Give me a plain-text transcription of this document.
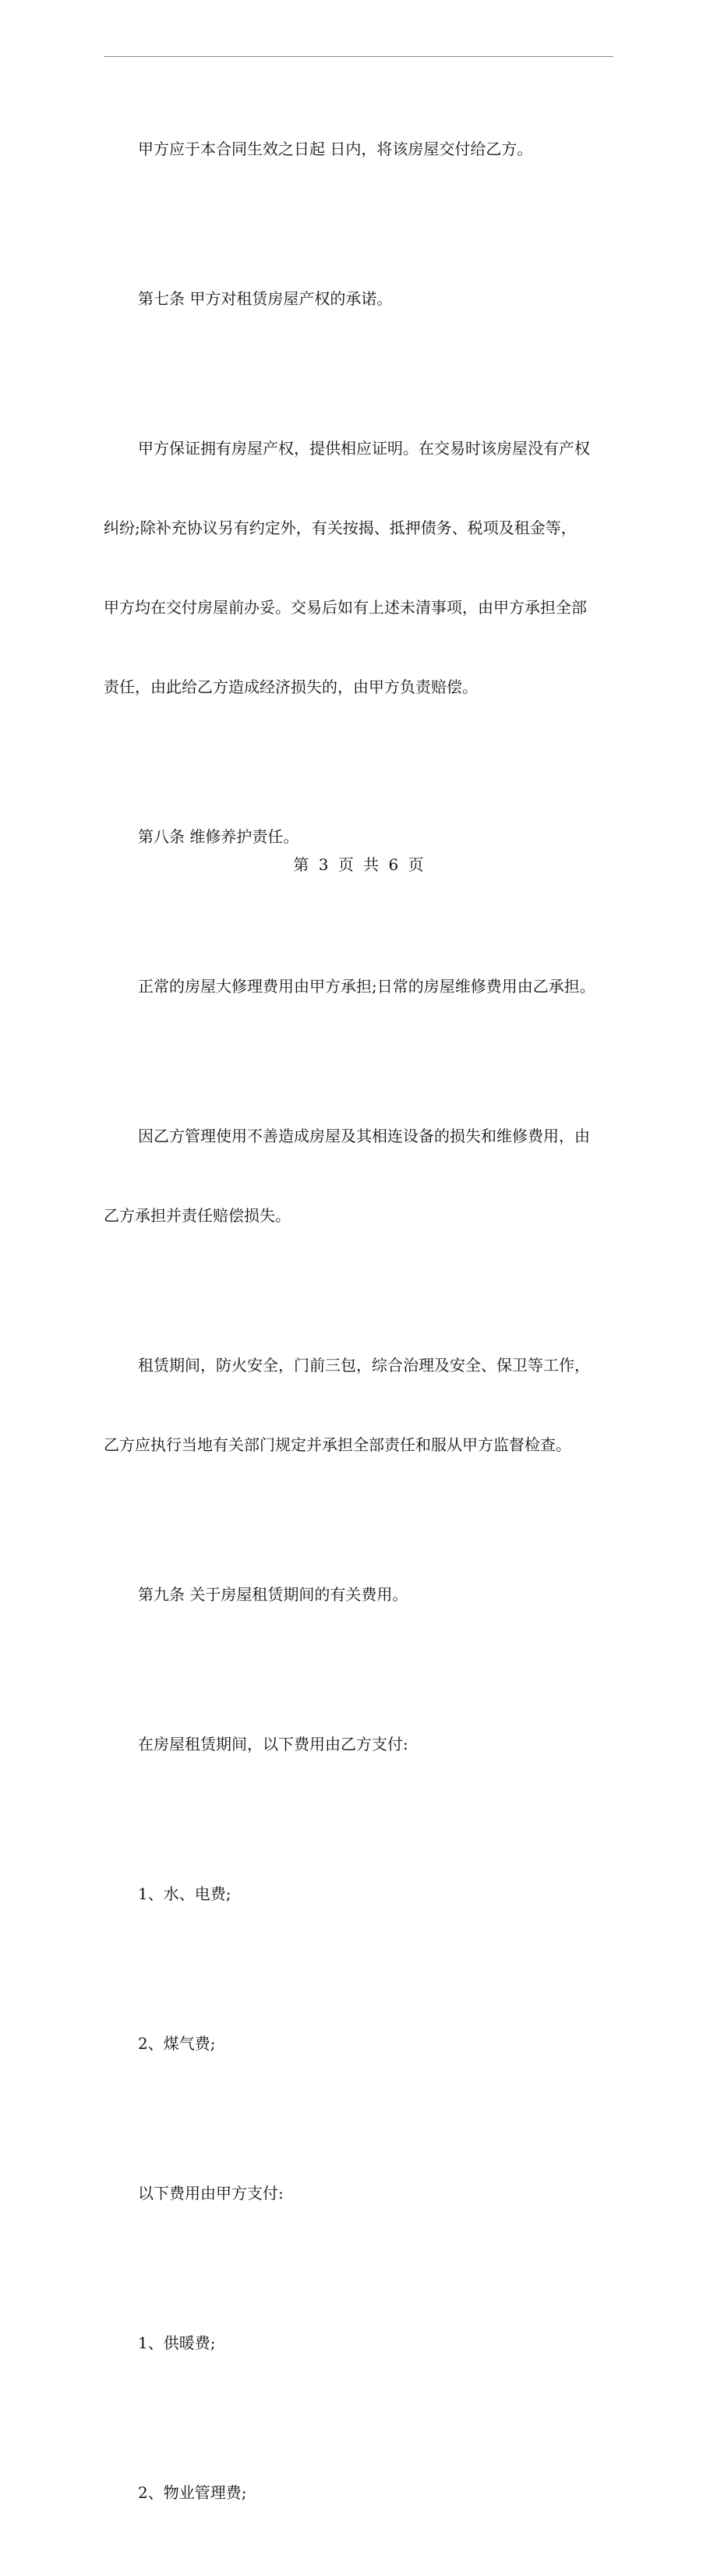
甲方应于本合同生效之日起 日内，将该房屋交付给乙方。

第七条 甲方对租赁房屋产权的承诺。

甲方保证拥有房屋产权，提供相应证明。在交易时该房屋没有产权

纠纷;除补充协议另有约定外，有关按揭、抵押债务、税项及租金等，

甲方均在交付房屋前办妥。交易后如有上述未清事项，由甲方承担全部

责任，由此给乙方造成经济损失的，由甲方负责赔偿。

第八条 维修养护责任。

正常的房屋大修理费用由甲方承担;日常的房屋维修费用由乙承担。

因乙方管理使用不善造成房屋及其相连设备的损失和维修费用，由

乙方承担并责任赔偿损失。

租赁期间，防火安全，门前三包，综合治理及安全、保卫等工作，

乙方应执行当地有关部门规定并承担全部责任和服从甲方监督检查。

第九条 关于房屋租赁期间的有关费用。

在房屋租赁期间，以下费用由乙方支付:

1、水、电费;

2、煤气费;

以下费用由甲方支付:

1、供暖费;

2、物业管理费;

第 3 页 共 6 页
